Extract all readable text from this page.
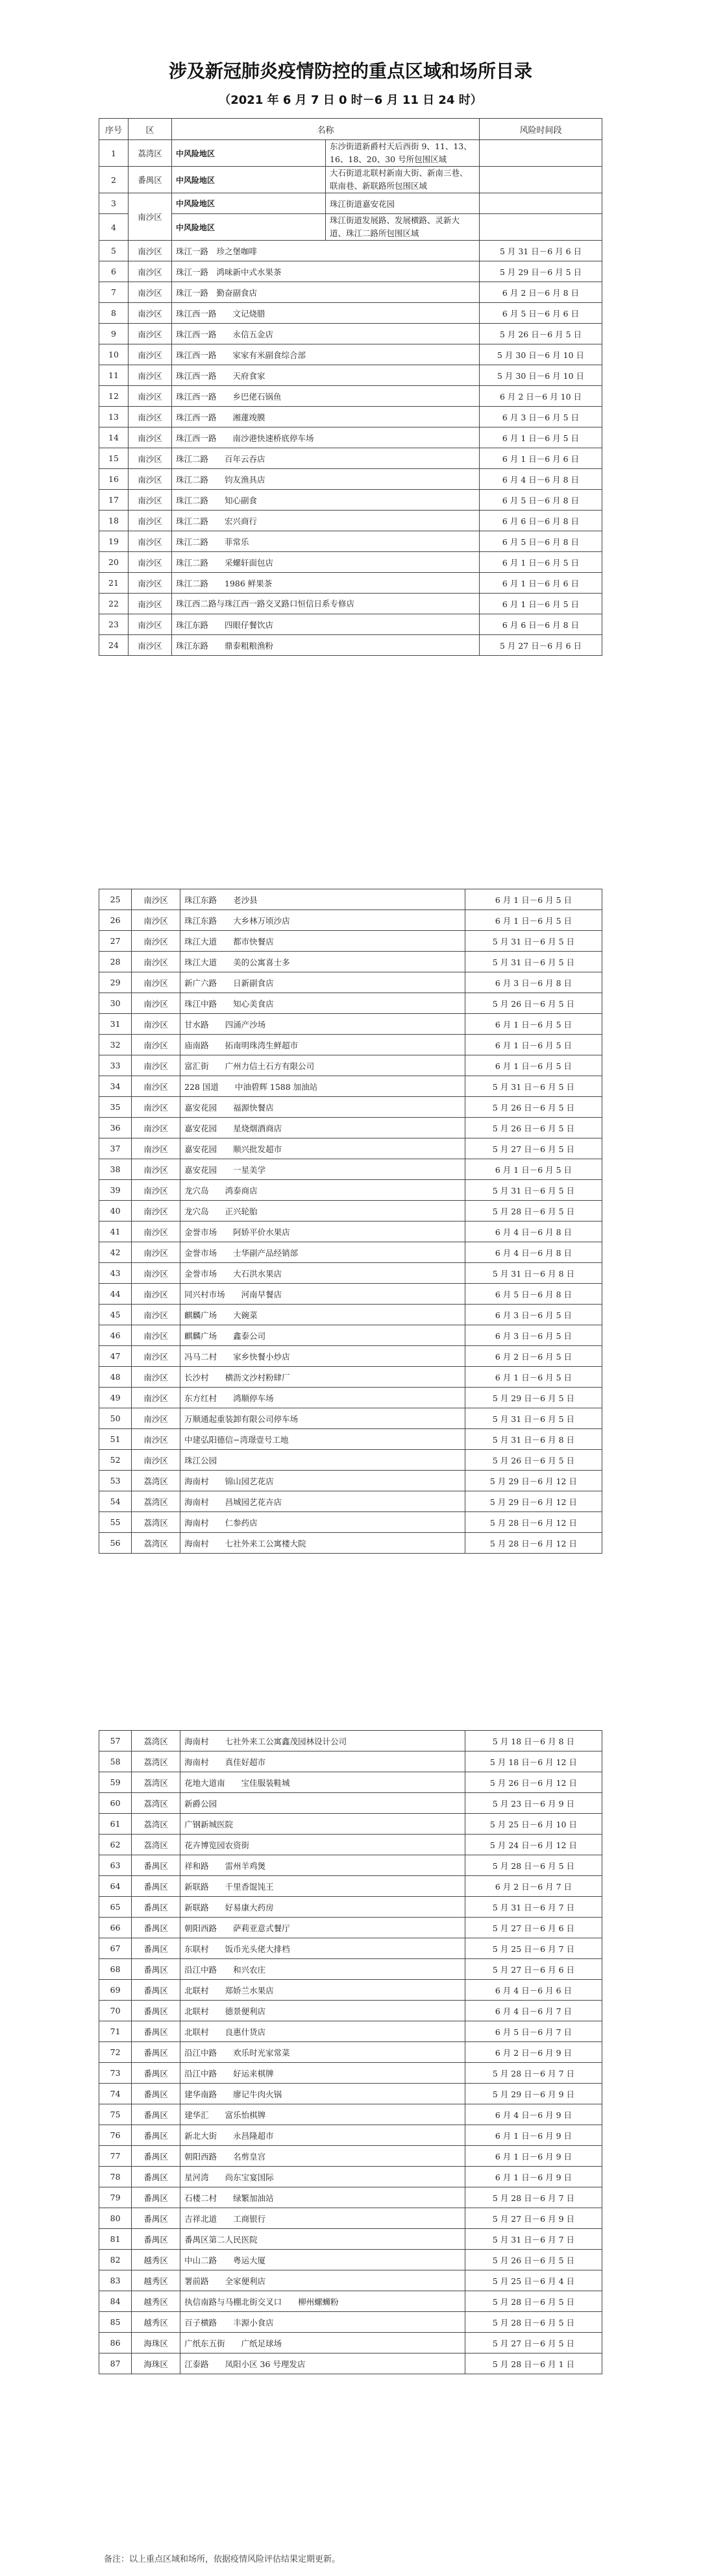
涉及新冠肺炎疫情防控的重点区域和场所目录
（2021 年 6 月 7 日 0 时－6 月 11 日 24 时）
序号	区	名称		风险时间段
1	荔湾区	中风险地区	东沙街道新爵村天后西街 9、11、13、16、18、20、30 号所包围区域	
2	番禺区	中风险地区	大石街道北联村新南大街、新南三巷、联南巷、新联路所包围区域	
3	南沙区	中风险地区	珠江街道嘉安花园	
4		中风险地区	珠江街道发展路、发展横路、灵新大道、珠江二路所包围区域	
5	南沙区	珠江一路　珍之堡咖啡		5 月 31 日－6 月 6 日
6	南沙区	珠江一路　鸿味新中式水果茶		5 月 29 日－6 月 5 日
7	南沙区	珠江一路　勤奋副食店		6 月 2 日－6 月 8 日
8	南沙区	珠江西一路　　文记烧腊		6 月 5 日－6 月 6 日
9	南沙区	珠江西一路　　永信五金店		5 月 26 日－6 月 5 日
10	南沙区	珠江西一路　　家家有米副食综合部		5 月 30 日－6 月 10 日
11	南沙区	珠江西一路　　天府食家		5 月 30 日－6 月 10 日
12	南沙区	珠江西一路　　乡巴佬石锅鱼		6 月 2 日－6 月 10 日
13	南沙区	珠江西一路　　湘蓮竣膜		6 月 3 日－6 月 5 日
14	南沙区	珠江西一路　　南沙港快速桥底停车场		6 月 1 日－6 月 5 日
15	南沙区	珠江二路　　百年云吞店		6 月 1 日－6 月 6 日
16	南沙区	珠江二路　　钧友渔具店		6 月 4 日－6 月 8 日
17	南沙区	珠江二路　　知心副食		6 月 5 日－6 月 8 日
18	南沙区	珠江二路　　宏兴商行		6 月 6 日－6 月 8 日
19	南沙区	珠江二路　　菲常乐		6 月 5 日－6 月 8 日
20	南沙区	珠江二路　　采螺轩面包店		6 月 1 日－6 月 5 日
21	南沙区	珠江二路　　1986 鲜果茶		6 月 1 日－6 月 6 日
22	南沙区	珠江西二路与珠江西一路交叉路口恒信日系专修店		6 月 1 日－6 月 5 日
23	南沙区	珠江东路　　四眼仔餐饮店		6 月 6 日－6 月 8 日
24	南沙区	珠江东路　　鼎泰粗粮渔粉		5 月 27 日－6 月 6 日
25	南沙区	珠江东路　　老沙县	6 月 1 日－6 月 5 日
26	南沙区	珠江东路　　大乡林万顷沙店	6 月 1 日－6 月 5 日
27	南沙区	珠江大道　　都市快餐店	5 月 31 日－6 月 5 日
28	南沙区	珠江大道　　美的公寓喜士多	5 月 31 日－6 月 5 日
29	南沙区	新广六路　　日新副食店	6 月 3 日－6 月 8 日
30	南沙区	珠江中路　　知心美食店	5 月 26 日－6 月 5 日
31	南沙区	甘水路　　四涌产沙场	6 月 1 日－6 月 5 日
32	南沙区	庙南路　　拓南明珠湾生鲜超市	6 月 1 日－6 月 5 日
33	南沙区	富汇街　　广州力信土石方有限公司	6 月 1 日－6 月 5 日
34	南沙区	228 国道　　中油碧辉 1588 加油站	5 月 31 日－6 月 5 日
35	南沙区	嘉安花园　　福源快餐店	5 月 26 日－6 月 5 日
36	南沙区	嘉安花园　　星烧烟酒商店	5 月 26 日－6 月 5 日
37	南沙区	嘉安花园　　顺兴批发超市	5 月 27 日－6 月 5 日
38	南沙区	嘉安花园　　一星美学	6 月 1 日－6 月 5 日
39	南沙区	龙穴岛　　鸿泰商店	5 月 31 日－6 月 5 日
40	南沙区	龙穴岛　　正兴轮胎	5 月 28 日－6 月 5 日
41	南沙区	金誉市场　　阿娇平价水果店	6 月 4 日－6 月 8 日
42	南沙区	金誉市场　　士华副产品经销部	6 月 4 日－6 月 8 日
43	南沙区	金誉市场　　大石洪水果店	5 月 31 日－6 月 8 日
44	南沙区	同兴村市场　　河南早餐店	6 月 5 日－6 月 8 日
45	南沙区	麒麟广场　　大碗菜	6 月 3 日－6 月 5 日
46	南沙区	麒麟广场　　鑫泰公司	6 月 3 日－6 月 5 日
47	南沙区	冯马二村　　家乡快餐小炒店	6 月 2 日－6 月 5 日
48	南沙区	长沙村　　横沥文沙村粉肆厂	6 月 1 日－6 月 5 日
49	南沙区	东方红村　　鸿顺停车场	5 月 29 日－6 月 5 日
50	南沙区	万顺通起重装卸有限公司停车场	5 月 31 日－6 月 5 日
51	南沙区	中建弘阳德信−湾璟壹号工地	5 月 31 日－6 月 8 日
52	南沙区	珠江公园	5 月 26 日－6 月 5 日
53	荔湾区	海南村　　锦山园艺花店	5 月 29 日－6 月 12 日
54	荔湾区	海南村　　昌城园艺花卉店	5 月 29 日－6 月 12 日
55	荔湾区	海南村　　仁参药店	5 月 28 日－6 月 12 日
56	荔湾区	海南村　　七社外来工公寓楼大院	5 月 28 日－6 月 12 日
57	荔湾区	海南村　　七社外来工公寓鑫茂园林设计公司	5 月 18 日－6 月 8 日
58	荔湾区	海南村　　真佳好超市	5 月 18 日－6 月 12 日
59	荔湾区	花地大道南　　宝佳服装鞋城	5 月 26 日－6 月 12 日
60	荔湾区	新爵公园	5 月 23 日－6 月 9 日
61	荔湾区	广钢新城医院	5 月 25 日－6 月 10 日
62	荔湾区	花卉博览园农资街	5 月 24 日－6 月 12 日
63	番禺区	祥和路　　雷州羊鸡煲	5 月 28 日－6 月 5 日
64	番禺区	新联路　　千里香馄饨王	6 月 2 日－6 月 7 日
65	番禺区	新联路　　好易康大药房	5 月 31 日－6 月 7 日
66	番禺区	朝阳西路　　萨莉亚意式餐厅	5 月 27 日－6 月 6 日
67	番禺区	东联村　　饭币光头佬大排档	5 月 25 日－6 月 7 日
68	番禺区	沿江中路　　和兴农庄	5 月 27 日－6 月 6 日
69	番禺区	北联村　　郑娇兰水果店	6 月 4 日－6 月 6 日
70	番禺区	北联村　　德景便利店	6 月 4 日－6 月 7 日
71	番禺区	北联村　　良惠什货店	6 月 5 日－6 月 7 日
72	番禺区	沿江中路　　欢乐时光家常菜	6 月 2 日－6 月 9 日
73	番禺区	沿江中路　　好运来棋牌	5 月 28 日－6 月 7 日
74	番禺区	建华南路　　廖记牛肉火锅	5 月 29 日－6 月 9 日
75	番禺区	建华汇　　富乐怡棋牌	6 月 4 日－6 月 9 日
76	番禺区	新北大街　　永昌隆超市	6 月 1 日－6 月 9 日
77	番禺区	朝阳西路　　名剪皇宫	6 月 1 日－6 月 9 日
78	番禺区	星河湾　　尚东宝宴国际	6 月 1 日－6 月 9 日
79	番禺区	石楼二村　　绿繁加油站	5 月 28 日－6 月 7 日
80	番禺区	吉祥北道　　工商银行	5 月 27 日－6 月 9 日
81	番禺区	番禺区第二人民医院	5 月 31 日－6 月 7 日
82	越秀区	中山二路　　粤运大厦	5 月 26 日－6 月 5 日
83	越秀区	署前路　　全家便利店	5 月 25 日－6 月 4 日
84	越秀区	执信南路与马棚北街交叉口　　柳州螺蛳粉	5 月 28 日－6 月 5 日
85	越秀区	百子横路　　丰源小食店	5 月 28 日－6 月 5 日
86	海珠区	广纸东五街　　广纸足球场	5 月 27 日－6 月 5 日
87	海珠区	江泰路　　凤阳小区 36 号理发店	5 月 28 日－6 月 1 日
备注：以上重点区域和场所，依据疫情风险评估结果定期更新。
